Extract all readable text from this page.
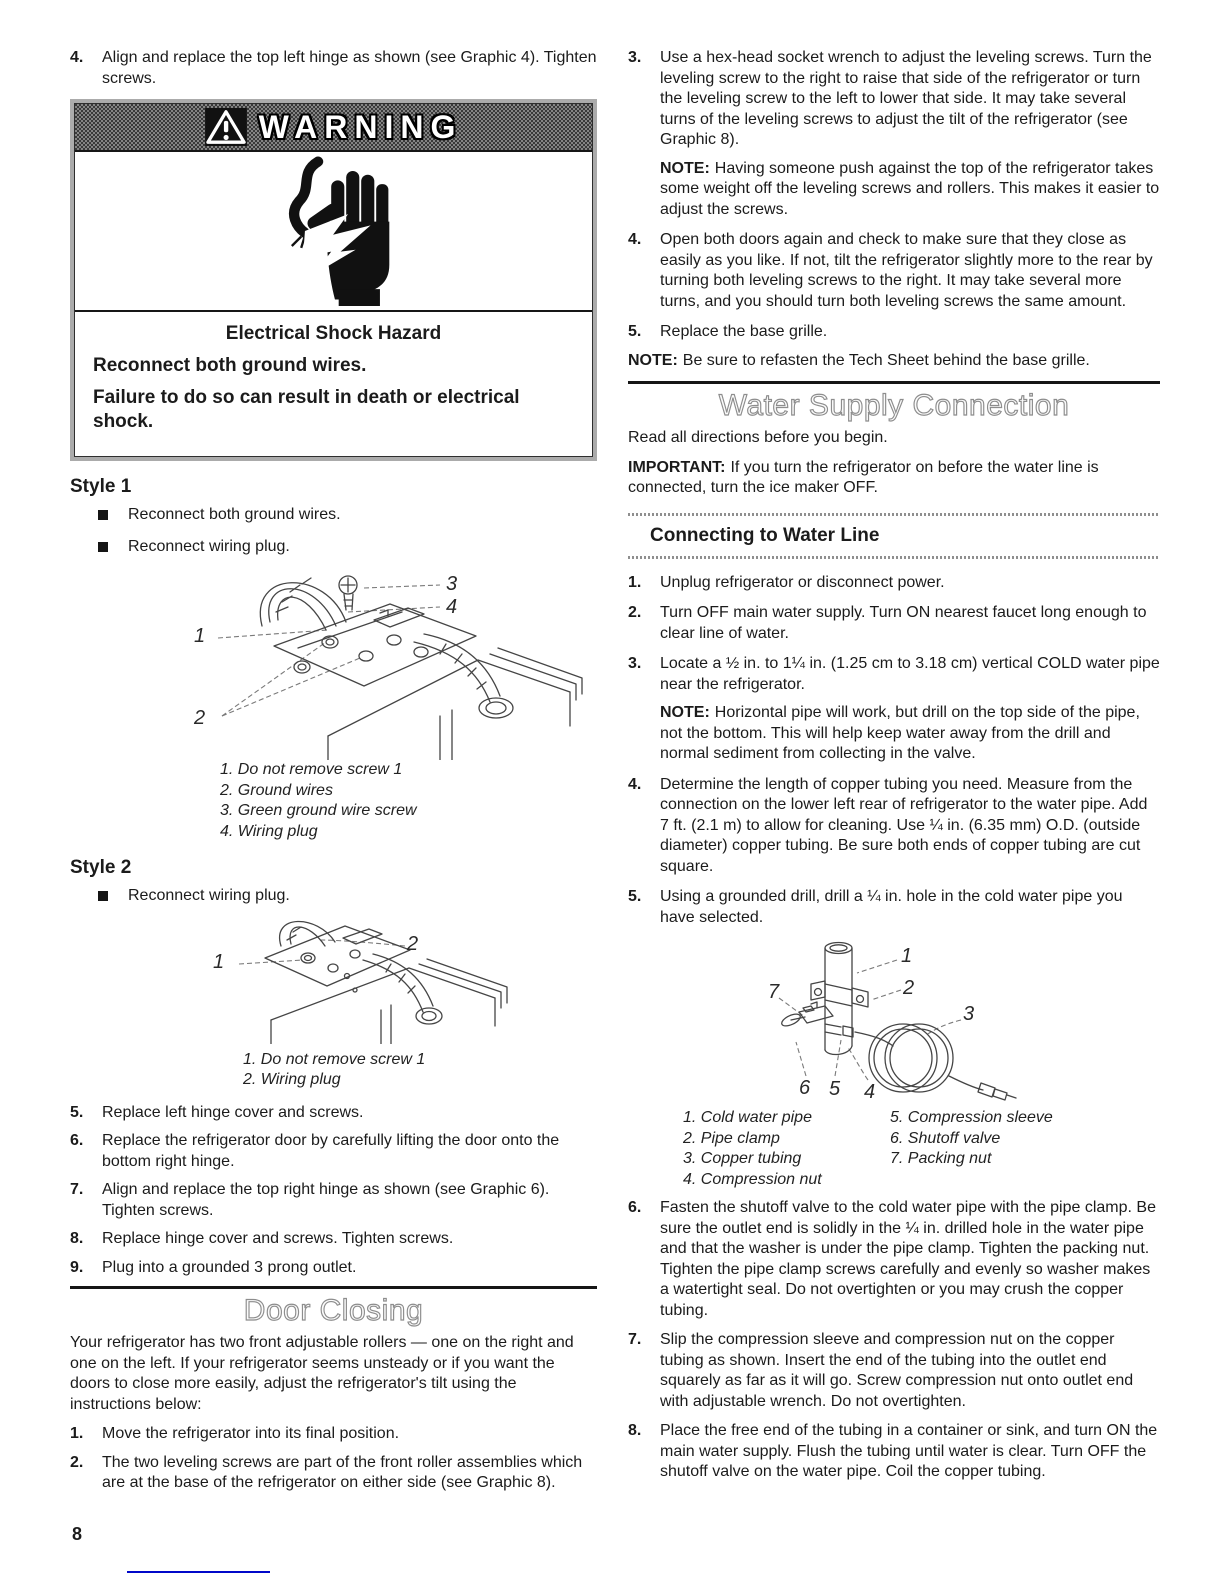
4.	Align and replace the top left hinge as shown (see Graphic 4). Tighten screws.
WARNING
Electrical Shock Hazard
Reconnect both ground wires.
Failure to do so can result in death or electrical shock.
Style 1
Reconnect both ground wires.
Reconnect wiring plug.
3
4
1
2
1. Do not remove screw 1
2. Ground wires
3. Green ground wire screw
4. Wiring plug
Style 2
Reconnect wiring plug.
1
2
1. Do not remove screw 1
2. Wiring plug
5.	Replace left hinge cover and screws.
6.	Replace the refrigerator door by carefully lifting the door onto the bottom right hinge.
7.	Align and replace the top right hinge as shown (see Graphic 6). Tighten screws.
8.	Replace hinge cover and screws. Tighten screws.
9.	Plug into a grounded 3 prong outlet.
Door Closing
Your refrigerator has two front adjustable rollers — one on the right and one on the left. If your refrigerator seems unsteady or if you want the doors to close more easily, adjust the refrigerator's tilt using the instructions below:
1.	Move the refrigerator into its final position.
2.	The two leveling screws are part of the front roller assemblies which are at the base of the refrigerator on either side (see Graphic 8).
3.	Use a hex-head socket wrench to adjust the leveling screws. Turn the leveling screw to the right to raise that side of the refrigerator or turn the leveling screw to the left to lower that side. It may take several turns of the leveling screws to adjust the tilt of the refrigerator (see Graphic 8).
NOTE: Having someone push against the top of the refrigerator takes some weight off the leveling screws and rollers. This makes it easier to adjust the screws.
4.	Open both doors again and check to make sure that they close as easily as you like. If not, tilt the refrigerator slightly more to the rear by turning both leveling screws to the right. It may take several more turns, and you should turn both leveling screws the same amount.
5.	Replace the base grille.
NOTE: Be sure to refasten the Tech Sheet behind the base grille.
Water Supply Connection
Read all directions before you begin.
IMPORTANT: If you turn the refrigerator on before the water line is connected, turn the ice maker OFF.
Connecting to Water Line
1.	Unplug refrigerator or disconnect power.
2.	Turn OFF main water supply. Turn ON nearest faucet long enough to clear line of water.
3.	Locate a ½ in. to 1¼ in. (1.25 cm to 3.18 cm) vertical COLD water pipe near the refrigerator.
NOTE: Horizontal pipe will work, but drill on the top side of the pipe, not the bottom. This will help keep water away from the drill and normal sediment from collecting in the valve.
4.	Determine the length of copper tubing you need. Measure from the connection on the lower left rear of refrigerator to the water pipe. Add 7 ft. (2.1 m) to allow for cleaning. Use ¼ in. (6.35 mm) O.D. (outside diameter) copper tubing. Be sure both ends of copper tubing are cut square.
5.	Using a grounded drill, drill a ¼ in. hole in the cold water pipe you have selected.
1
2
7
3
6 5 4
1. Cold water pipe
2. Pipe clamp
3. Copper tubing
4. Compression nut
5. Compression sleeve
6. Shutoff valve
7. Packing nut
6.	Fasten the shutoff valve to the cold water pipe with the pipe clamp. Be sure the outlet end is solidly in the ¼ in. drilled hole in the water pipe and that the washer is under the pipe clamp. Tighten the packing nut. Tighten the pipe clamp screws carefully and evenly so washer makes a watertight seal. Do not overtighten or you may crush the copper tubing.
7.	Slip the compression sleeve and compression nut on the copper tubing as shown. Insert the end of the tubing into the outlet end squarely as far as it will go. Screw compression nut onto outlet end with adjustable wrench. Do not overtighten.
8.	Place the free end of the tubing in a container or sink, and turn ON the main water supply. Flush the tubing until water is clear. Turn OFF the shutoff valve on the water pipe. Coil the copper tubing.
8
